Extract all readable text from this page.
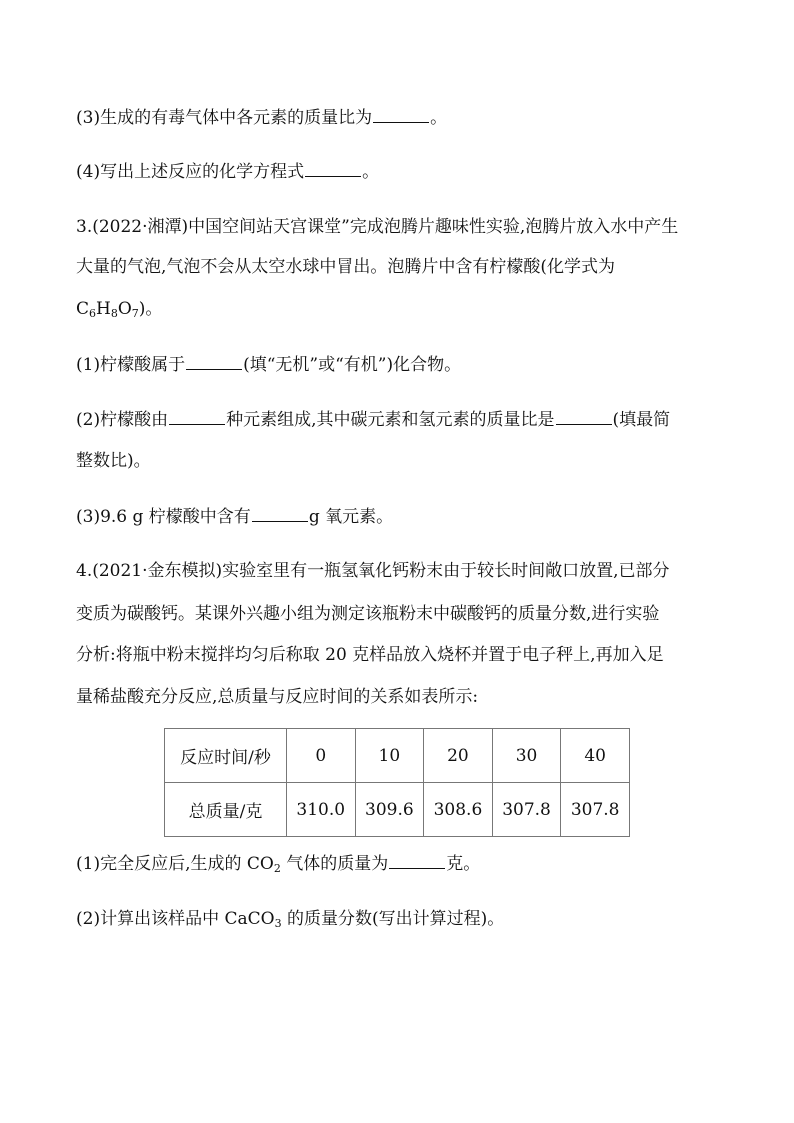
(3)生成的有毒气体中各元素的质量比为	。
(4)写出上述反应的化学方程式	。
3.(2022·湘潭)中国空间站天宫课堂”完成泡腾片趣味性实验,泡腾片放入水中产生
大量的气泡,气泡不会从太空水球中冒出。泡腾片中含有柠檬酸(化学式为
$C_6H_8O_7$)。
(1)柠檬酸属于	(填“无机”或“有机”)化合物。
(2)柠檬酸由	种元素组成,其中碳元素和氢元素的质量比是	(填最简
整数比)。
(3)9.6 g 柠檬酸中含有	g 氧元素。
4.(2021·金东模拟)实验室里有一瓶氢氧化钙粉末由于较长时间敞口放置,已部分
变质为碳酸钙。某课外兴趣小组为测定该瓶粉末中碳酸钙的质量分数,进行实验
分析:将瓶中粉末搅拌均匀后称取 20 克样品放入烧杯并置于电子秤上,再加入足
量稀盐酸充分反应,总质量与反应时间的关系如表所示:
反应时间/秒	0	10	20	30	40
总质量/克	310.0	309.6	308.6	307.8	307.8
(1)完全反应后,生成的 $CO_2$ 气体的质量为	克。
(2)计算出该样品中 CaCO$_3$ 的质量分数(写出计算过程)。
